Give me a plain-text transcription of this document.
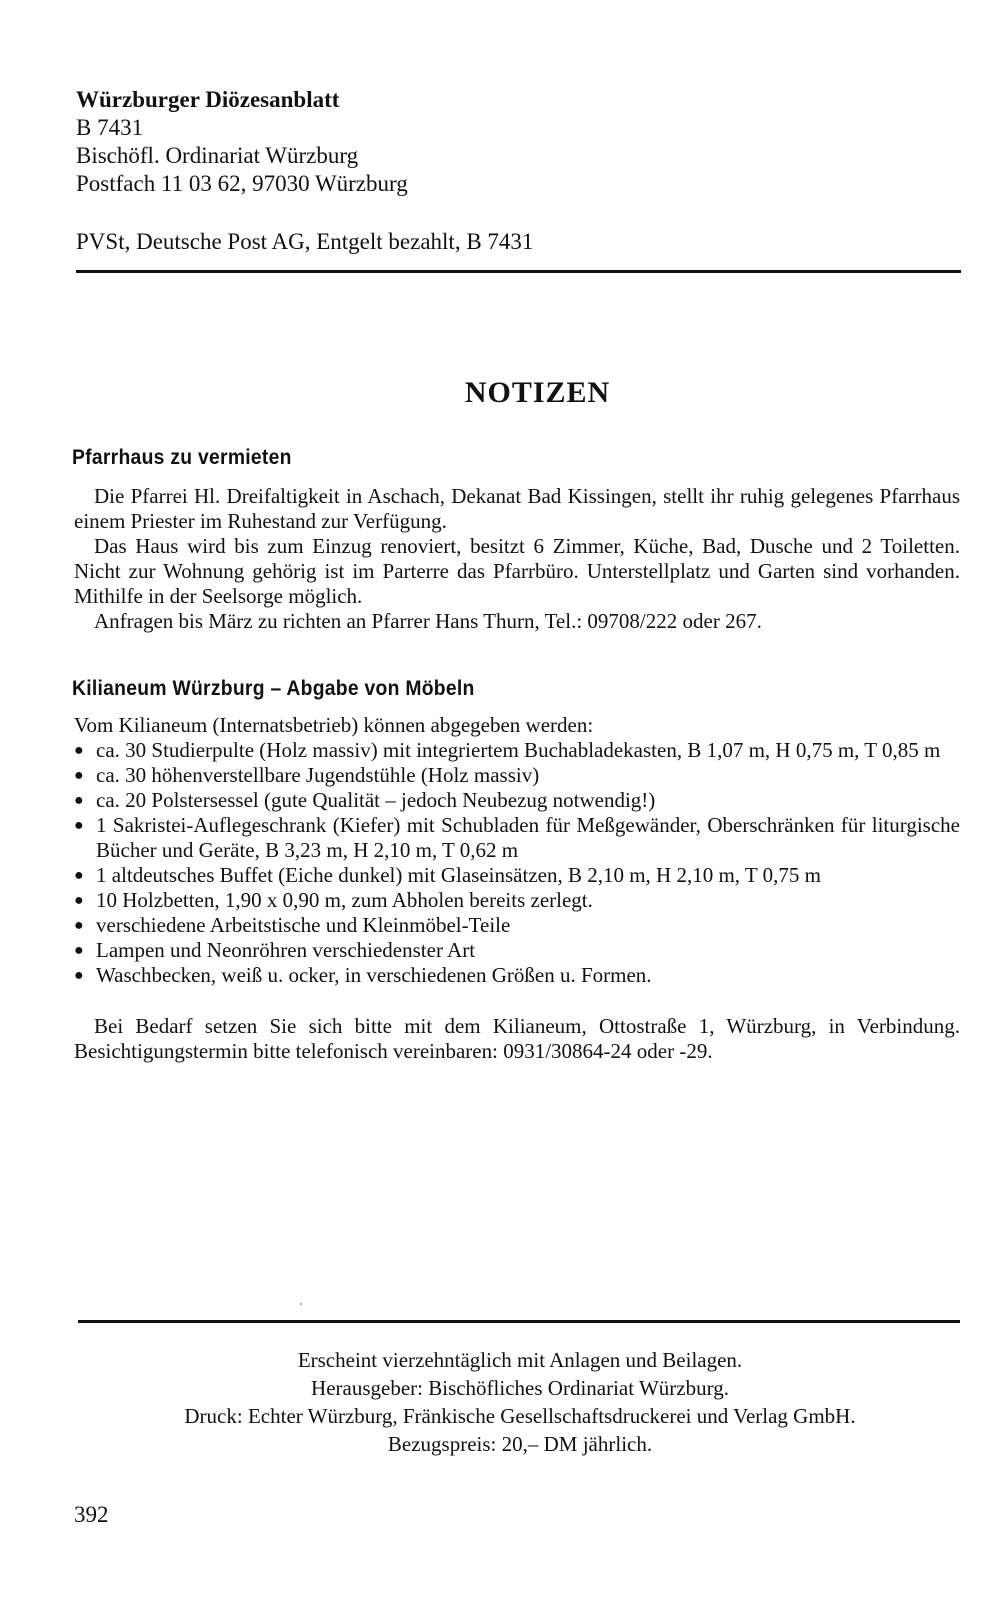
Würzburger Diözesanblatt
B 7431
Bischöfl. Ordinariat Würzburg
Postfach 11 03 62, 97030 Würzburg
PVSt, Deutsche Post AG, Entgelt bezahlt, B 7431
NOTIZEN
Pfarrhaus zu vermieten

Die Pfarrei Hl. Dreifaltigkeit in Aschach, Dekanat Bad Kissingen, stellt ihr ruhig gelegenes Pfarrhaus einem Priester im Ruhestand zur Verfügung.

Das Haus wird bis zum Einzug renoviert, besitzt 6 Zimmer, Küche, Bad, Dusche und 2 Toiletten. Nicht zur Wohnung gehörig ist im Parterre das Pfarrbüro. Unterstellplatz und Garten sind vorhanden. Mithilfe in der Seelsorge möglich.

Anfragen bis März zu richten an Pfarrer Hans Thurn, Tel.: 09708/222 oder 267.

Kilianeum Würzburg – Abgabe von Möbeln
Vom Kilianeum (Internatsbetrieb) können abgegeben werden:
● ca. 30 Studierpulte (Holz massiv) mit integriertem Buchabladekasten, B 1,07 m, H 0,75 m, T 0,85 m
● ca. 30 höhenverstellbare Jugendstühle (Holz massiv)
● ca. 20 Polstersessel (gute Qualität – jedoch Neubezug notwendig!)
● 1 Sakristei-Auflegeschrank (Kiefer) mit Schubladen für Meßgewänder, Oberschränken für liturgische Bücher und Geräte, B 3,23 m, H 2,10 m, T 0,62 m
● 1 altdeutsches Buffet (Eiche dunkel) mit Glaseinsätzen, B 2,10 m, H 2,10 m, T 0,75 m
● 10 Holzbetten, 1,90 x 0,90 m, zum Abholen bereits zerlegt.
● verschiedene Arbeitstische und Kleinmöbel-Teile
● Lampen und Neonröhren verschiedenster Art
● Waschbecken, weiß u. ocker, in verschiedenen Größen u. Formen.

Bei Bedarf setzen Sie sich bitte mit dem Kilianeum, Ottostraße 1, Würzburg, in Verbindung. Besichtigungstermin bitte telefonisch vereinbaren: 0931/30864-24 oder -29.

Erscheint vierzehntäglich mit Anlagen und Beilagen.

Herausgeber: Bischöfliches Ordinariat Würzburg.

Druck: Echter Würzburg, Fränkische Gesellschaftsdruckerei und Verlag GmbH.

Bezugspreis: 20,– DM jährlich.

392
